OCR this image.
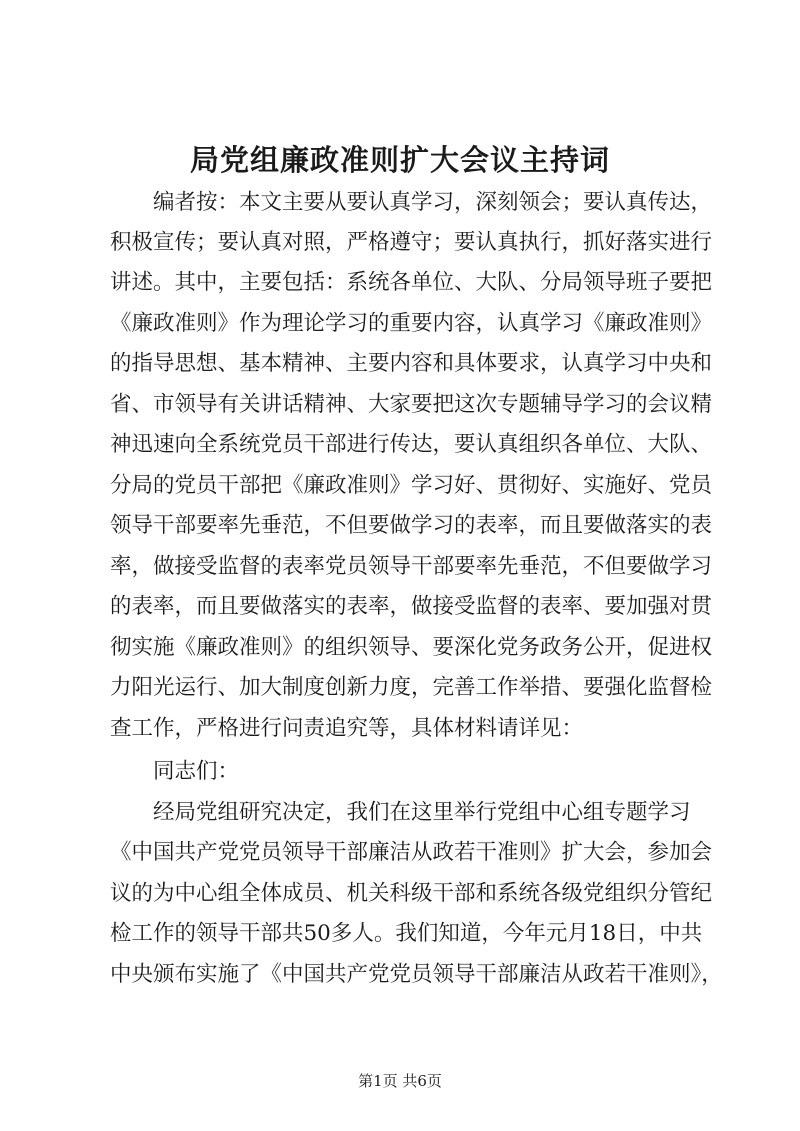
局党组廉政准则扩大会议主持词
编者按：本文主要从要认真学习，深刻领会；要认真传达，
积极宣传；要认真对照，严格遵守；要认真执行，抓好落实进行
讲述。其中，主要包括：系统各单位、大队、分局领导班子要把
《廉政准则》作为理论学习的重要内容，认真学习《廉政准则》
的指导思想、基本精神、主要内容和具体要求，认真学习中央和
省、市领导有关讲话精神、大家要把这次专题辅导学习的会议精
神迅速向全系统党员干部进行传达，要认真组织各单位、大队、
分局的党员干部把《廉政准则》学习好、贯彻好、实施好、党员
领导干部要率先垂范，不但要做学习的表率，而且要做落实的表
率，做接受监督的表率党员领导干部要率先垂范，不但要做学习
的表率，而且要做落实的表率，做接受监督的表率、要加强对贯
彻实施《廉政准则》的组织领导、要深化党务政务公开，促进权
力阳光运行、加大制度创新力度，完善工作举措、要强化监督检
查工作，严格进行问责追究等，具体材料请详见：
同志们：
经局党组研究决定，我们在这里举行党组中心组专题学习
《中国共产党党员领导干部廉洁从政若干准则》扩大会，参加会
议的为中心组全体成员、机关科级干部和系统各级党组织分管纪
检工作的领导干部共50多人。我们知道，今年元月18日，中共
中央颁布实施了《中国共产党党员领导干部廉洁从政若干准则》，
第1页 共6页
